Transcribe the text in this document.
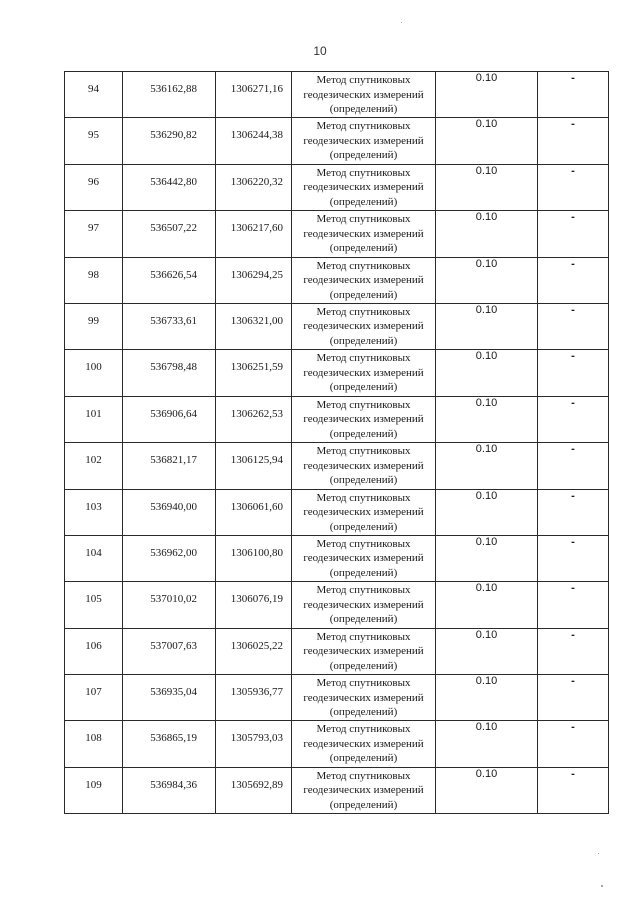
10
94	536162,88	1306271,16	Метод спутниковых
геодезических измерений
(определений)	0.10	-
95	536290,82	1306244,38	Метод спутниковых
геодезических измерений
(определений)	0.10	-
96	536442,80	1306220,32	Метод спутниковых
геодезических измерений
(определений)	0.10	-
97	536507,22	1306217,60	Метод спутниковых
геодезических измерений
(определений)	0.10	-
98	536626,54	1306294,25	Метод спутниковых
геодезических измерений
(определений)	0.10	-
99	536733,61	1306321,00	Метод спутниковых
геодезических измерений
(определений)	0.10	-
100	536798,48	1306251,59	Метод спутниковых
геодезических измерений
(определений)	0.10	-
101	536906,64	1306262,53	Метод спутниковых
геодезических измерений
(определений)	0.10	-
102	536821,17	1306125,94	Метод спутниковых
геодезических измерений
(определений)	0.10	-
103	536940,00	1306061,60	Метод спутниковых
геодезических измерений
(определений)	0.10	-
104	536962,00	1306100,80	Метод спутниковых
геодезических измерений
(определений)	0.10	-
105	537010,02	1306076,19	Метод спутниковых
геодезических измерений
(определений)	0.10	-
106	537007,63	1306025,22	Метод спутниковых
геодезических измерений
(определений)	0.10	-
107	536935,04	1305936,77	Метод спутниковых
геодезических измерений
(определений)	0.10	-
108	536865,19	1305793,03	Метод спутниковых
геодезических измерений
(определений)	0.10	-
109	536984,36	1305692,89	Метод спутниковых
геодезических измерений
(определений)	0.10	-
